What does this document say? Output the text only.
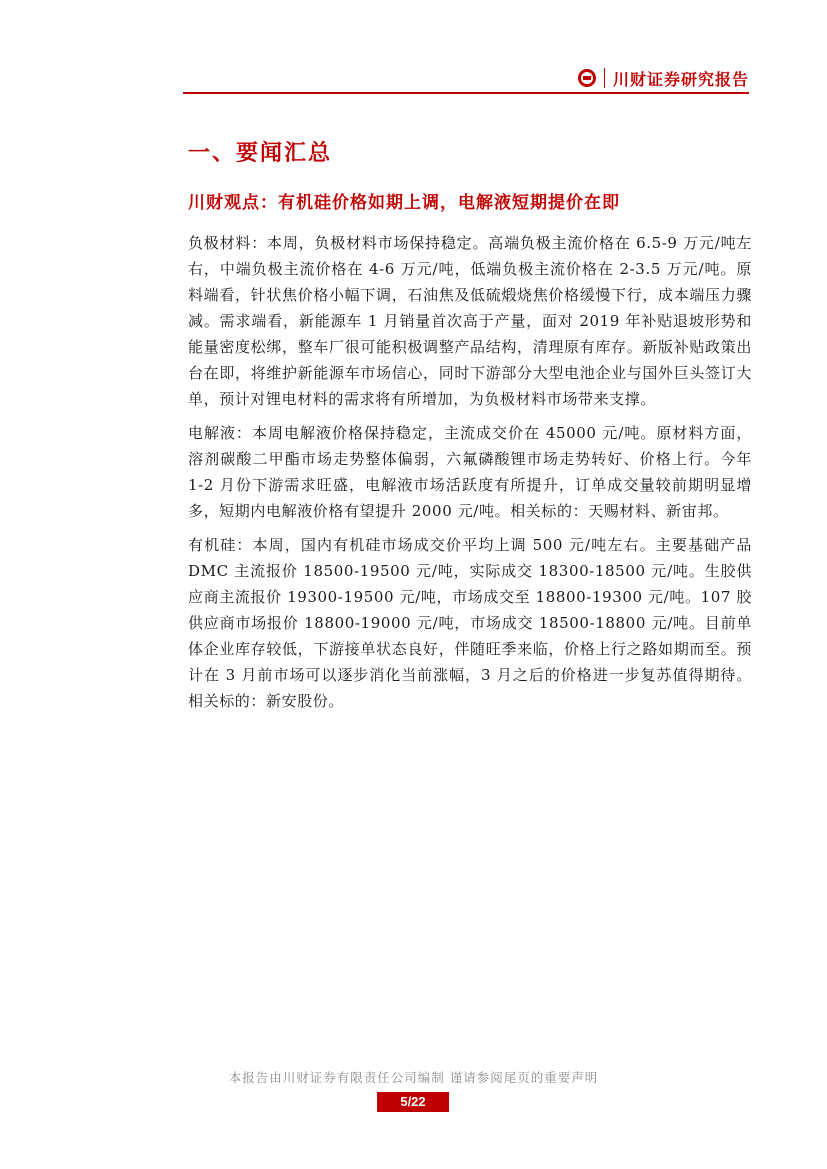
川财证券研究报告
一、要闻汇总
川财观点：有机硅价格如期上调，电解液短期提价在即

负极材料：本周，负极材料市场保持稳定。高端负极主流价格在 6.5-9 万元/吨左右，中端负极主流价格在 4-6 万元/吨，低端负极主流价格在 2-3.5 万元/吨。原料端看，针状焦价格小幅下调，石油焦及低硫煅烧焦价格缓慢下行，成本端压力骤减。需求端看，新能源车 1 月销量首次高于产量，面对 2019 年补贴退坡形势和能量密度松绑，整车厂很可能积极调整产品结构，清理原有库存。新版补贴政策出台在即，将维护新能源车市场信心，同时下游部分大型电池企业与国外巨头签订大单，预计对锂电材料的需求将有所增加，为负极材料市场带来支撑。

电解液：本周电解液价格保持稳定，主流成交价在 45000 元/吨。原材料方面，溶剂碳酸二甲酯市场走势整体偏弱，六氟磷酸锂市场走势转好、价格上行。今年 1-2 月份下游需求旺盛，电解液市场活跃度有所提升，订单成交量较前期明显增多，短期内电解液价格有望提升 2000 元/吨。相关标的：天赐材料、新宙邦。

有机硅：本周，国内有机硅市场成交价平均上调 500 元/吨左右。主要基础产品 DMC 主流报价 18500-19500 元/吨，实际成交 18300-18500 元/吨。生胶供应商主流报价 19300-19500 元/吨，市场成交至 18800-19300 元/吨。107 胶供应商市场报价 18800-19000 元/吨，市场成交 18500-18800 元/吨。目前单体企业库存较低，下游接单状态良好，伴随旺季来临，价格上行之路如期而至。预计在 3 月前市场可以逐步消化当前涨幅，3 月之后的价格进一步复苏值得期待。相关标的：新安股份。

本报告由川财证券有限责任公司编制 谨请参阅尾页的重要声明
5/22
